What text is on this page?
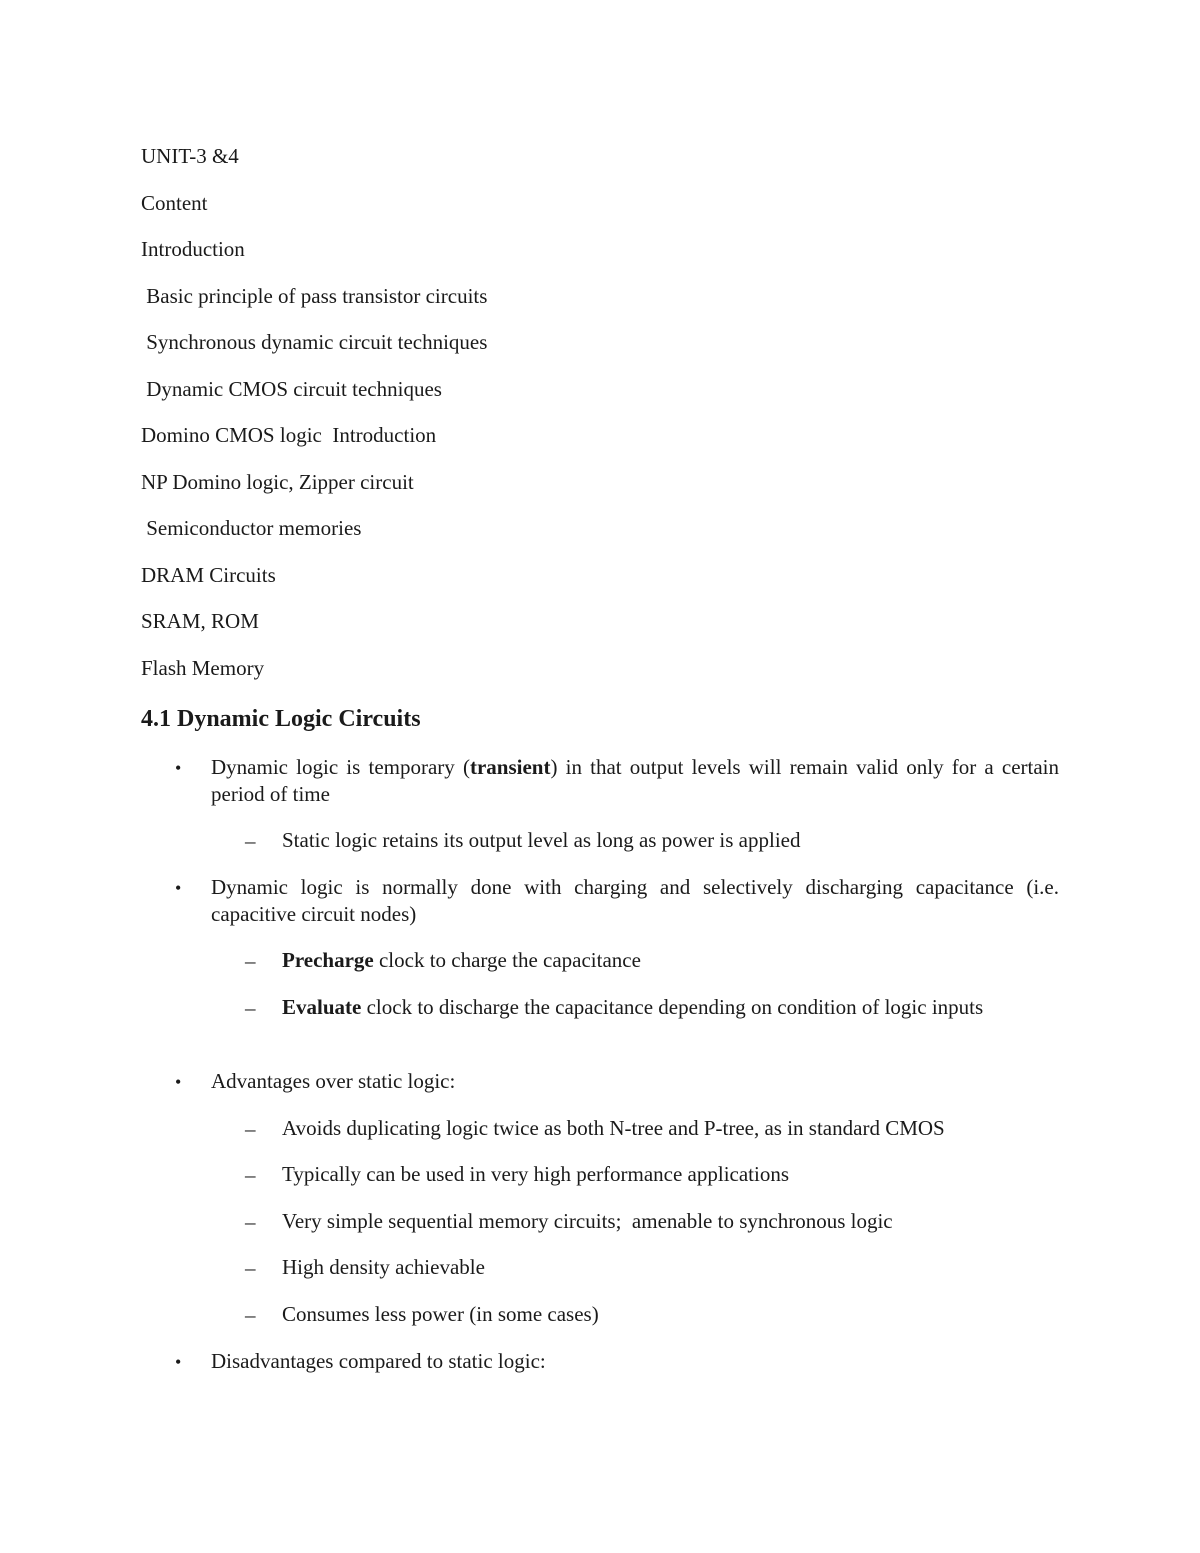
UNIT-3 &4
Content
Introduction
Basic principle of pass transistor circuits
Synchronous dynamic circuit techniques
Dynamic CMOS circuit techniques
Domino CMOS logic  Introduction
NP Domino logic, Zipper circuit
Semiconductor memories
DRAM Circuits
SRAM, ROM
Flash Memory
4.1 Dynamic Logic Circuits
• Dynamic logic is temporary (transient) in that output levels will remain valid only for a certain period of time
– Static logic retains its output level as long as power is applied
• Dynamic logic is normally done with charging and selectively discharging capacitance (i.e. capacitive circuit nodes)
– Precharge clock to charge the capacitance
– Evaluate clock to discharge the capacitance depending on condition of logic inputs
• Advantages over static logic:
– Avoids duplicating logic twice as both N-tree and P-tree, as in standard CMOS
– Typically can be used in very high performance applications
– Very simple sequential memory circuits;  amenable to synchronous logic
– High density achievable
– Consumes less power (in some cases)
• Disadvantages compared to static logic:
